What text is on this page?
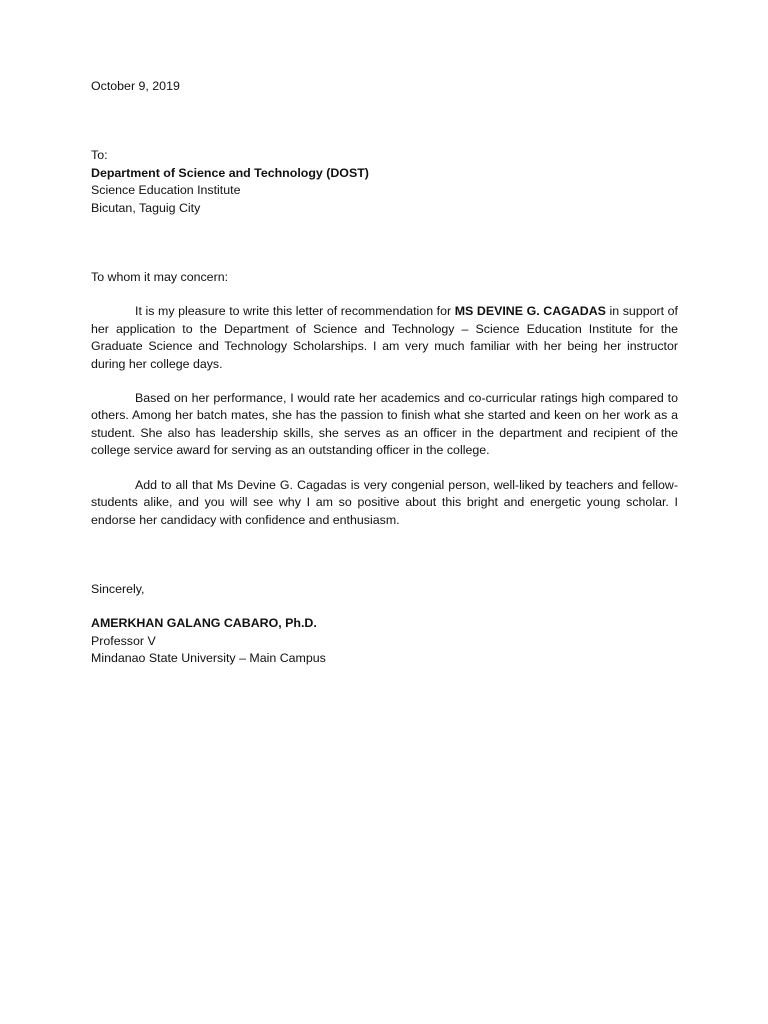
October 9, 2019

To:

Department of Science and Technology (DOST)

Science Education Institute

Bicutan, Taguig City

To whom it may concern:

It is my pleasure to write this letter of recommendation for MS DEVINE G. CAGADAS in support of her application to the Department of Science and Technology – Science Education Institute for the Graduate Science and Technology Scholarships. I am very much familiar with her being her instructor during her college days.

Based on her performance, I would rate her academics and co-curricular ratings high compared to others. Among her batch mates, she has the passion to finish what she started and keen on her work as a student. She also has leadership skills, she serves as an officer in the department and recipient of the college service award for serving as an outstanding officer in the college.

Add to all that Ms Devine G. Cagadas is very congenial person, well-liked by teachers and fellow-students alike, and you will see why I am so positive about this bright and energetic young scholar. I endorse her candidacy with confidence and enthusiasm.

Sincerely,

AMERKHAN GALANG CABARO, Ph.D.

Professor V

Mindanao State University – Main Campus
